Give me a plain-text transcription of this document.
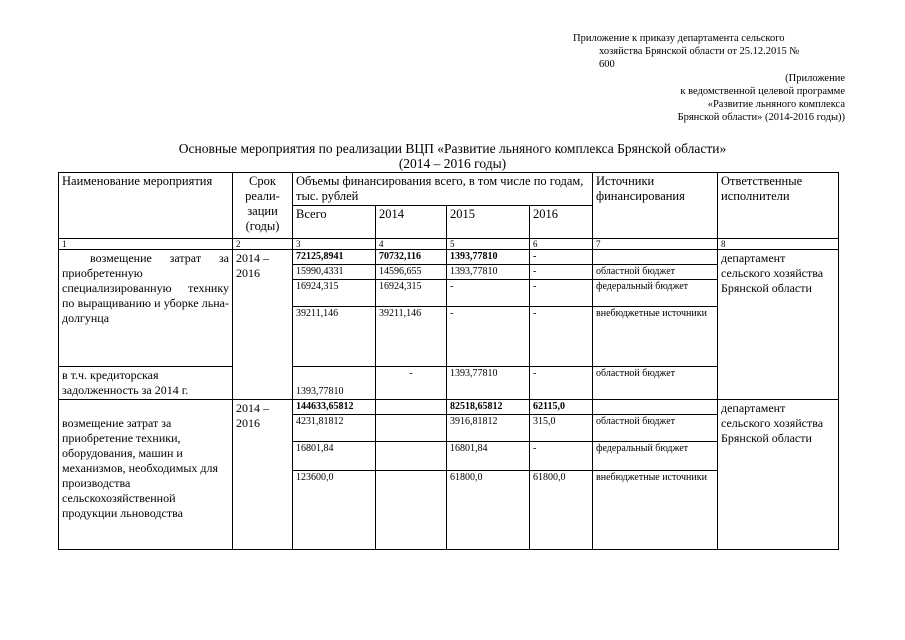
Приложение к приказу департамента сельского

хозяйства Брянской области от 25.12.2015 № 600
(Приложение
к ведомственной целевой программе
«Развитие льняного комплекса
Брянской области» (2014-2016 годы))
Основные мероприятия по реализации ВЦП «Развитие льняного комплекса Брянской области»
(2014 – 2016 годы)
Наименование мероприятия	Срок реали-зации (годы)	Объемы финансирования всего, в том числе по годам, тыс. рублей				Источники финансирования	Ответственные исполнители
		Всего	2014	2015	2016		
1	2	3	4	5	6	7	8
возмещение затрат за приобретенную специализированную технику по выращиванию и уборке льна-долгунца	2014 – 2016	72125,8941	70732,116	1393,77810	-		департамент сельского хозяйства Брянской области
		15990,4331	14596,655	1393,77810	-	областной бюджет	
		16924,315	16924,315	-	-	федеральный бюджет	
		39211,146	39211,146	-	-	внебюджетные источники	
в т.ч. кредиторская задолженность за 2014 г.		1393,77810	-	1393,77810	-	областной бюджет	
возмещение затрат за приобретение техники, оборудования, машин и механизмов, необходимых для производства сельскохозяйственной продукции льноводства	2014 – 2016	144633,65812		82518,65812	62115,0		департамент сельского хозяйства Брянской области
		4231,81812		3916,81812	315,0	областной бюджет	
		16801,84		16801,84	-	федеральный бюджет	
		123600,0		61800,0	61800,0	внебюджетные источники	
